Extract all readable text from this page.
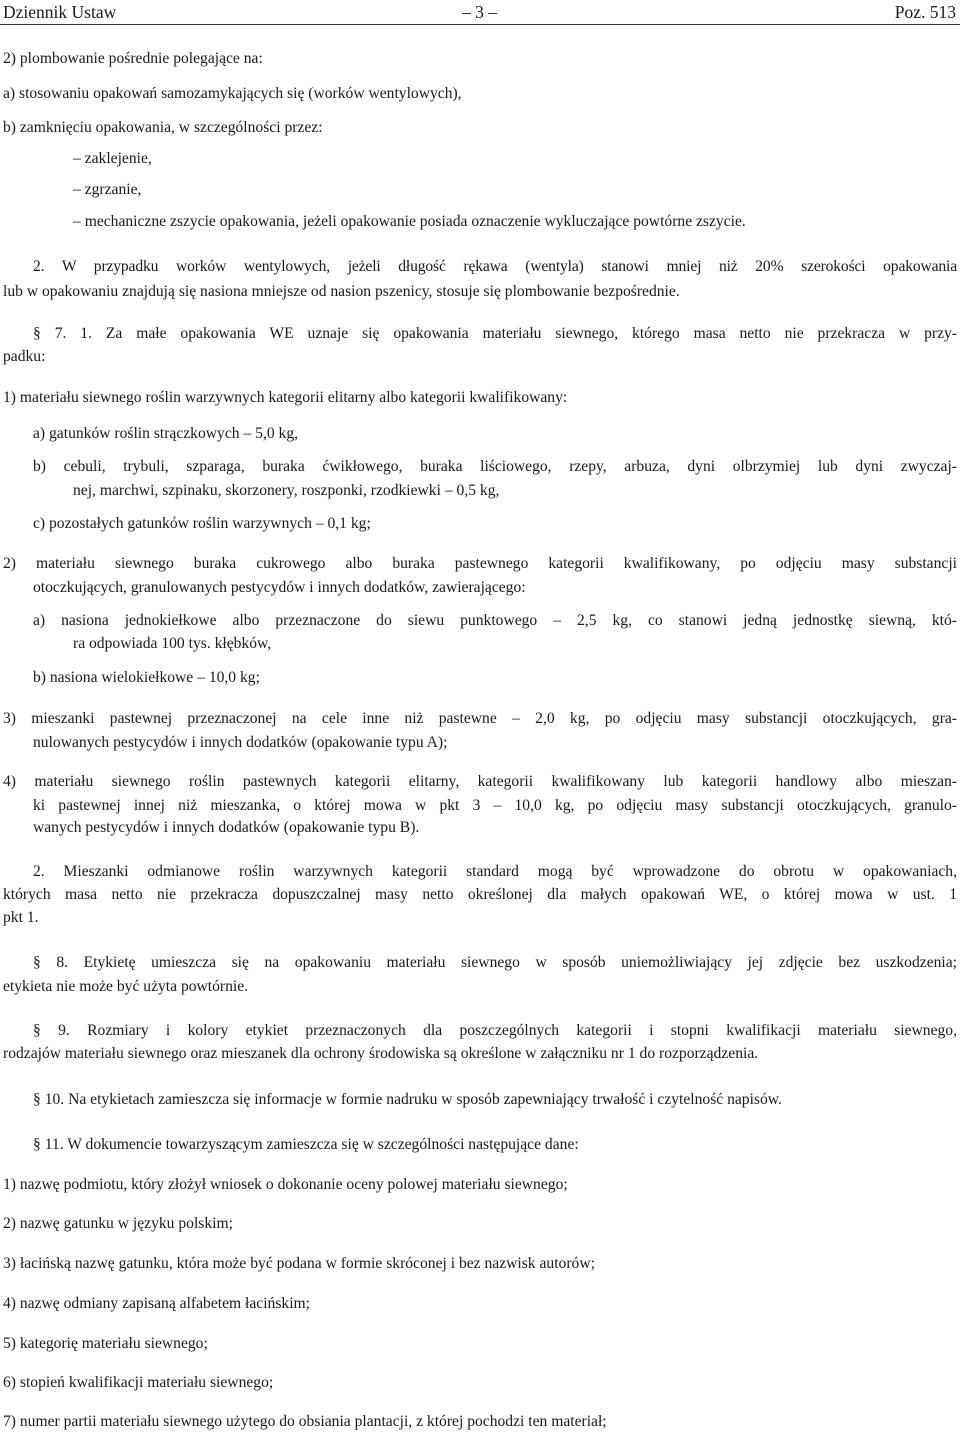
Dziennik Ustaw	– 3 –	Poz. 513
2) plombowanie pośrednie polegające na:
a) stosowaniu opakowań samozamykających się (worków wentylowych),
b) zamknięciu opakowania, w szczególności przez:
– zaklejenie,
– zgrzanie,
– mechaniczne zszycie opakowania, jeżeli opakowanie posiada oznaczenie wykluczające powtórne zszycie.
2. W przypadku worków wentylowych, jeżeli długość rękawa (wentyla) stanowi mniej niż 20% szerokości opakowania
lub w opakowaniu znajdują się nasiona mniejsze od nasion pszenicy, stosuje się plombowanie bezpośrednie.
§ 7. 1. Za małe opakowania WE uznaje się opakowania materiału siewnego, którego masa netto nie przekracza w przy-
padku:
1) materiału siewnego roślin warzywnych kategorii elitarny albo kategorii kwalifikowany:
a) gatunków roślin strączkowych – 5,0 kg,
b) cebuli, trybuli, szparaga, buraka ćwikłowego, buraka liściowego, rzepy, arbuza, dyni olbrzymiej lub dyni zwyczaj-
nej, marchwi, szpinaku, skorzonery, roszponki, rzodkiewki – 0,5 kg,
c) pozostałych gatunków roślin warzywnych – 0,1 kg;
2) materiału siewnego buraka cukrowego albo buraka pastewnego kategorii kwalifikowany, po odjęciu masy substancji
otoczkujących, granulowanych pestycydów i innych dodatków, zawierającego:
a) nasiona jednokiełkowe albo przeznaczone do siewu punktowego – 2,5 kg, co stanowi jedną jednostkę siewną, któ-
ra odpowiada 100 tys. kłębków,
b) nasiona wielokiełkowe – 10,0 kg;
3) mieszanki pastewnej przeznaczonej na cele inne niż pastewne – 2,0 kg, po odjęciu masy substancji otoczkujących, gra-
nulowanych pestycydów i innych dodatków (opakowanie typu A);
4) materiału siewnego roślin pastewnych kategorii elitarny, kategorii kwalifikowany lub kategorii handlowy albo mieszan-
ki pastewnej innej niż mieszanka, o której mowa w pkt 3 – 10,0 kg, po odjęciu masy substancji otoczkujących, granulo-
wanych pestycydów i innych dodatków (opakowanie typu B).
2. Mieszanki odmianowe roślin warzywnych kategorii standard mogą być wprowadzone do obrotu w opakowaniach,
których masa netto nie przekracza dopuszczalnej masy netto określonej dla małych opakowań WE, o której mowa w ust. 1
pkt 1.
§ 8. Etykietę umieszcza się na opakowaniu materiału siewnego w sposób uniemożliwiający jej zdjęcie bez uszkodzenia;
etykieta nie może być użyta powtórnie.
§ 9. Rozmiary i kolory etykiet przeznaczonych dla poszczególnych kategorii i stopni kwalifikacji materiału siewnego,
rodzajów materiału siewnego oraz mieszanek dla ochrony środowiska są określone w załączniku nr 1 do rozporządzenia.
§ 10. Na etykietach zamieszcza się informacje w formie nadruku w sposób zapewniający trwałość i czytelność napisów.
§ 11. W dokumencie towarzyszącym zamieszcza się w szczególności następujące dane:
1) nazwę podmiotu, który złożył wniosek o dokonanie oceny polowej materiału siewnego;
2) nazwę gatunku w języku polskim;
3) łacińską nazwę gatunku, która może być podana w formie skróconej i bez nazwisk autorów;
4) nazwę odmiany zapisaną alfabetem łacińskim;
5) kategorię materiału siewnego;
6) stopień kwalifikacji materiału siewnego;
7) numer partii materiału siewnego użytego do obsiania plantacji, z której pochodzi ten materiał;
